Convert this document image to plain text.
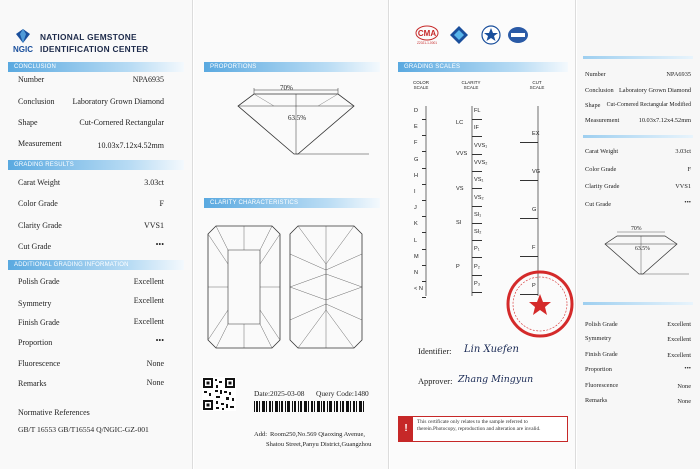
NGIC
NATIONAL GEMSTONE
IDENTIFICATION CENTER
CONCLUSION
Number	NPA6935
Conclusion Laboratory Grown Diamond
Shape	Cut-Cornered Rectangular
Measurement	10.03x7.12x4.52mm
GRADING RESULTS
Carat Weight	3.03ct
Color Grade	F
Clarity Grade	VVS1
Cut Grade	•••
ADDITIONAL GRADING INFORMATION
Polish Grade	Excellent
Symmetry	Excellent
Finish Grade	Excellent
Proportion	•••
Fluorescence	None
Remarks	None
Normative References
GB/T 16553 GB/T16554 Q/NGIC-GZ-001
PROPORTIONS
70%
63.5%
CLARITY CHARACTERISTICS
Date:2025-03-08 Query Code:1480
Add: Room250,No.569 Qiaoxing Avenue,
Shatou Street,Panyu District,Guangzhou
CMA
Z2021-1-0001
GRADING SCALES
COLOR
SCALE
CLARITY
SCALE
CUT
SCALE
Identifier: Lin Xuefen
Approver: Zhang Mingyun
!
This certificate only relates to the sample referred to therein.Photocopy, reproduction and alteration are invalid.
D
E
F
G
H
I
J
K
L
M
N
< N
FL
IF
VVS₁
VVS₂
VS₁
VS₂
SI₁
SI₂
P₁
P₂
P₃
LC
VVS
VS
SI
P
EX
VG
G
F
P
Number	NPA6935
Conclusion Laboratory Grown Diamond
Shape Cut-Cornered Rectangular Modified
Measurement	10.03x7.12x4.52mm
Carat Weight	3.03ct
Color Grade	F
Clarity Grade	VVS1
Cut Grade	•••
70%
63.5%
Polish Grade	Excellent
Symmetry	Excellent
Finish Grade	Excellent
Proportion	•••
Fluorescence	None
Remarks	None
